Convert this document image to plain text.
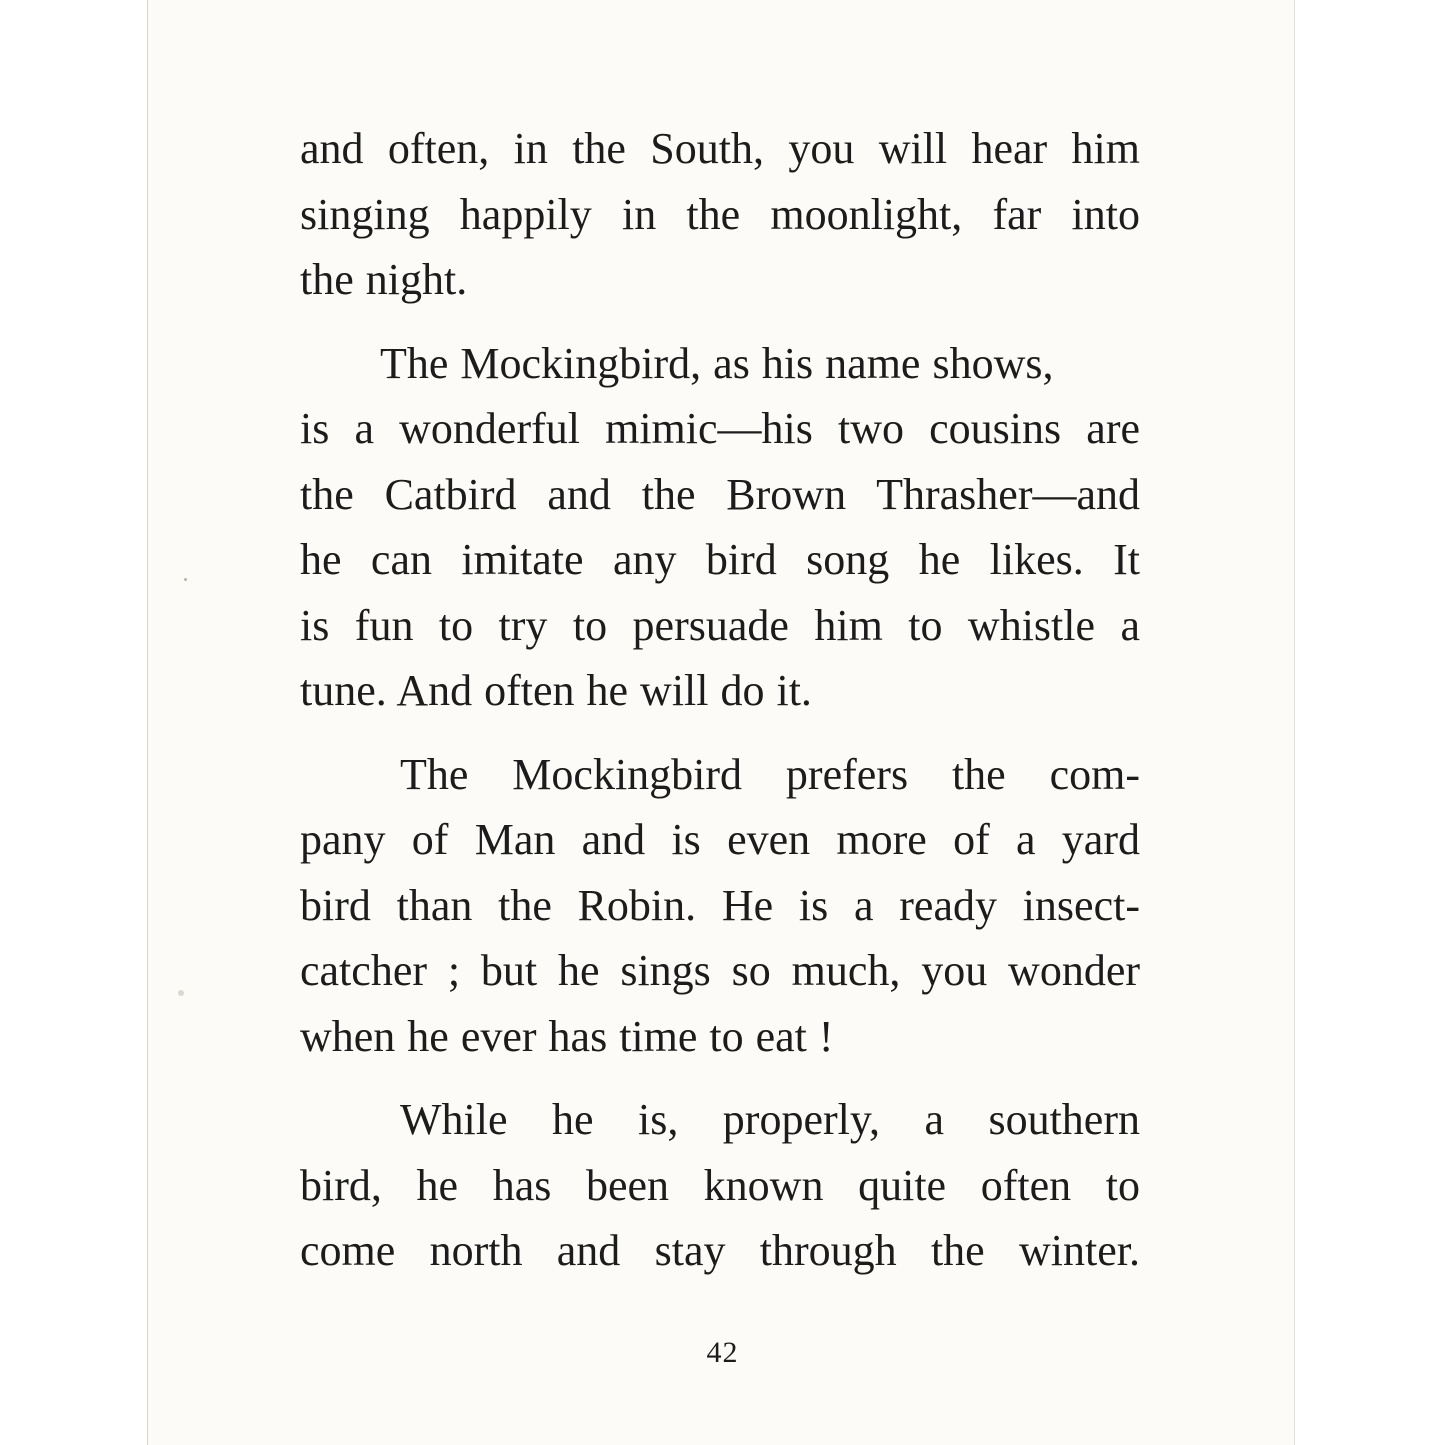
and often, in the South, you will hear him
singing happily in the moonlight, far into
the night.

The Mockingbird, as his name shows,
is a wonderful mimic—his two cousins are
the Catbird and the Brown Thrasher—and
he can imitate any bird song he likes. It
is fun to try to persuade him to whistle a
tune. And often he will do it.

The Mockingbird prefers the com-
pany of Man and is even more of a yard
bird than the Robin. He is a ready insect-
catcher ; but he sings so much, you wonder
when he ever has time to eat !

While he is, properly, a southern
bird, he has been known quite often to
come north and stay through the winter.

42
